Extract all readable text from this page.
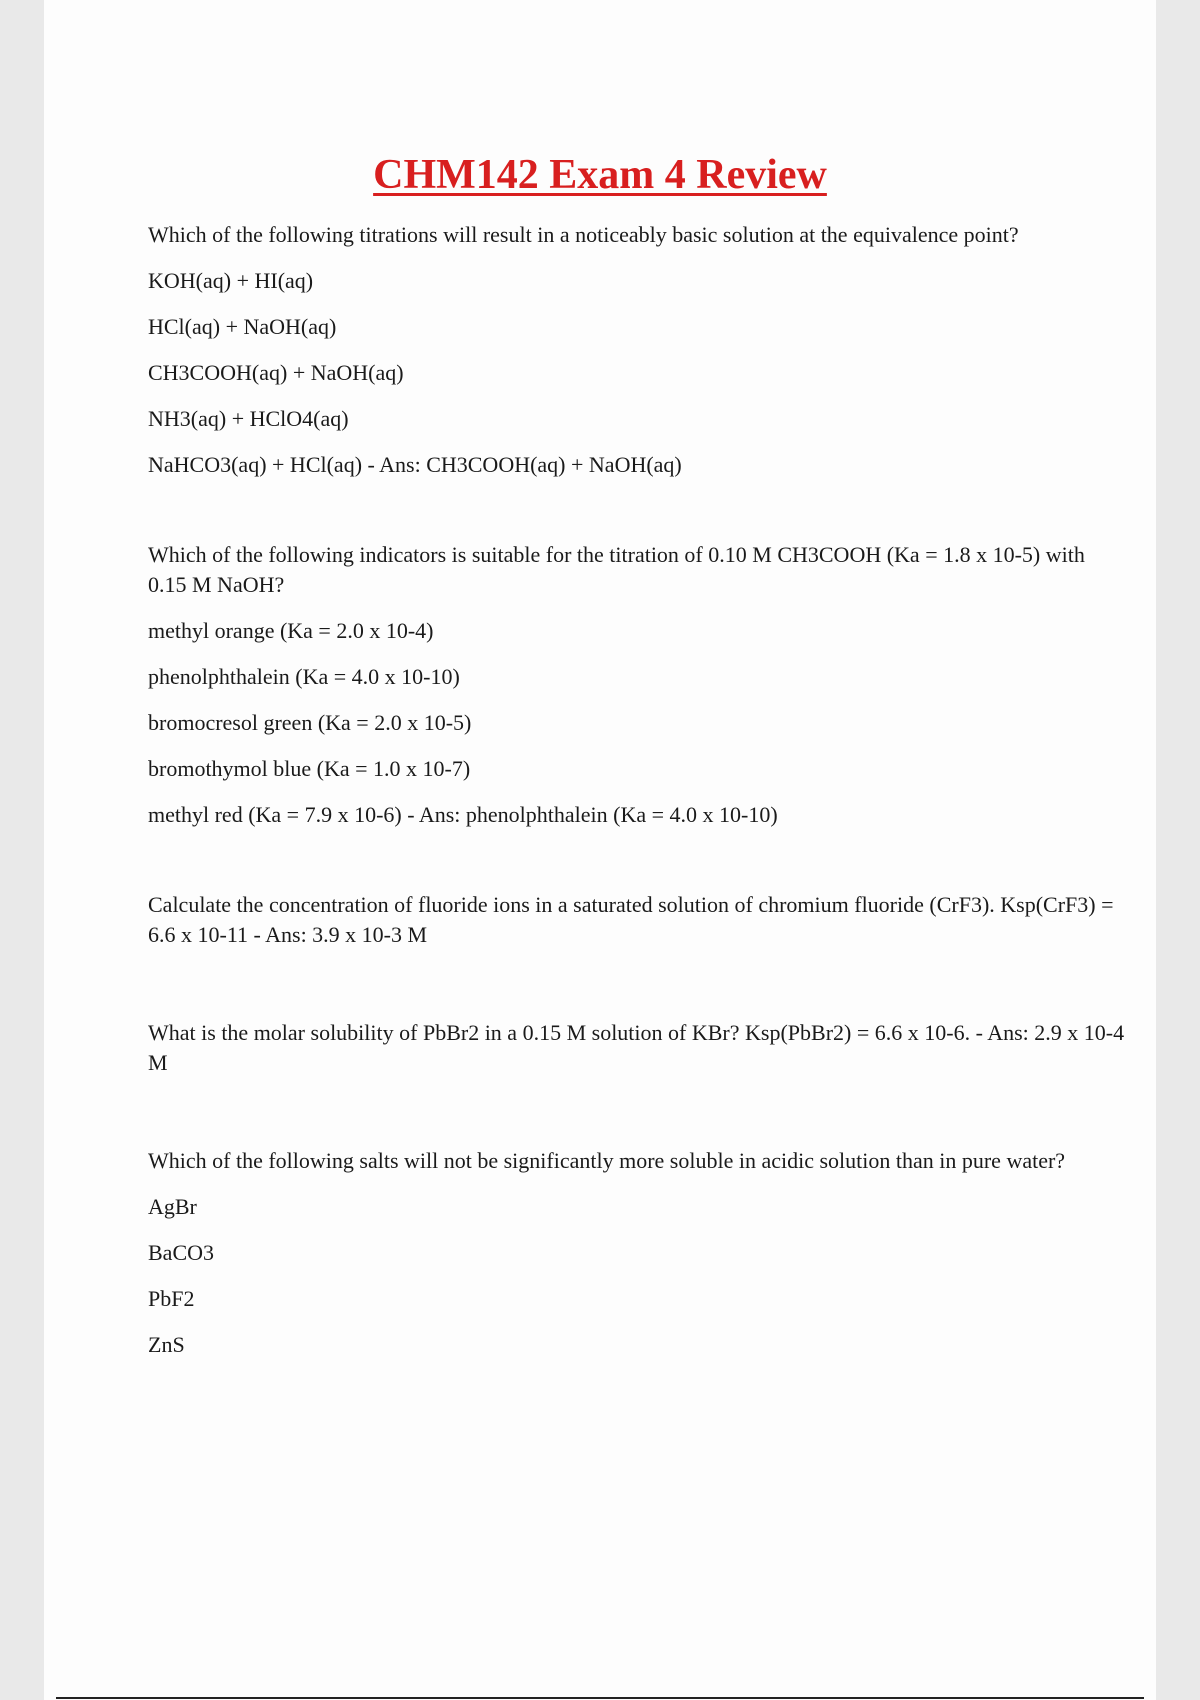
CHM142 Exam 4 Review

Which of the following titrations will result in a noticeably basic solution at the equivalence point?

KOH(aq) + HI(aq)

HCl(aq) + NaOH(aq)

CH3COOH(aq) + NaOH(aq)

NH3(aq) + HClO4(aq)

NaHCO3(aq) + HCl(aq) - Ans: CH3COOH(aq) + NaOH(aq)

Which of the following indicators is suitable for the titration of 0.10 M CH3COOH (Ka = 1.8 x 10-5) with 0.15 M NaOH?

methyl orange (Ka = 2.0 x 10-4)

phenolphthalein (Ka = 4.0 x 10-10)

bromocresol green (Ka = 2.0 x 10-5)

bromothymol blue (Ka = 1.0 x 10-7)

methyl red (Ka = 7.9 x 10-6) - Ans: phenolphthalein (Ka = 4.0 x 10-10)

Calculate the concentration of fluoride ions in a saturated solution of chromium fluoride (CrF3). Ksp(CrF3) = 6.6 x 10-11 - Ans: 3.9 x 10-3 M

What is the molar solubility of PbBr2 in a 0.15 M solution of KBr? Ksp(PbBr2) = 6.6 x 10-6. - Ans: 2.9 x 10-4 M

Which of the following salts will not be significantly more soluble in acidic solution than in pure water?

AgBr

BaCO3

PbF2

ZnS
